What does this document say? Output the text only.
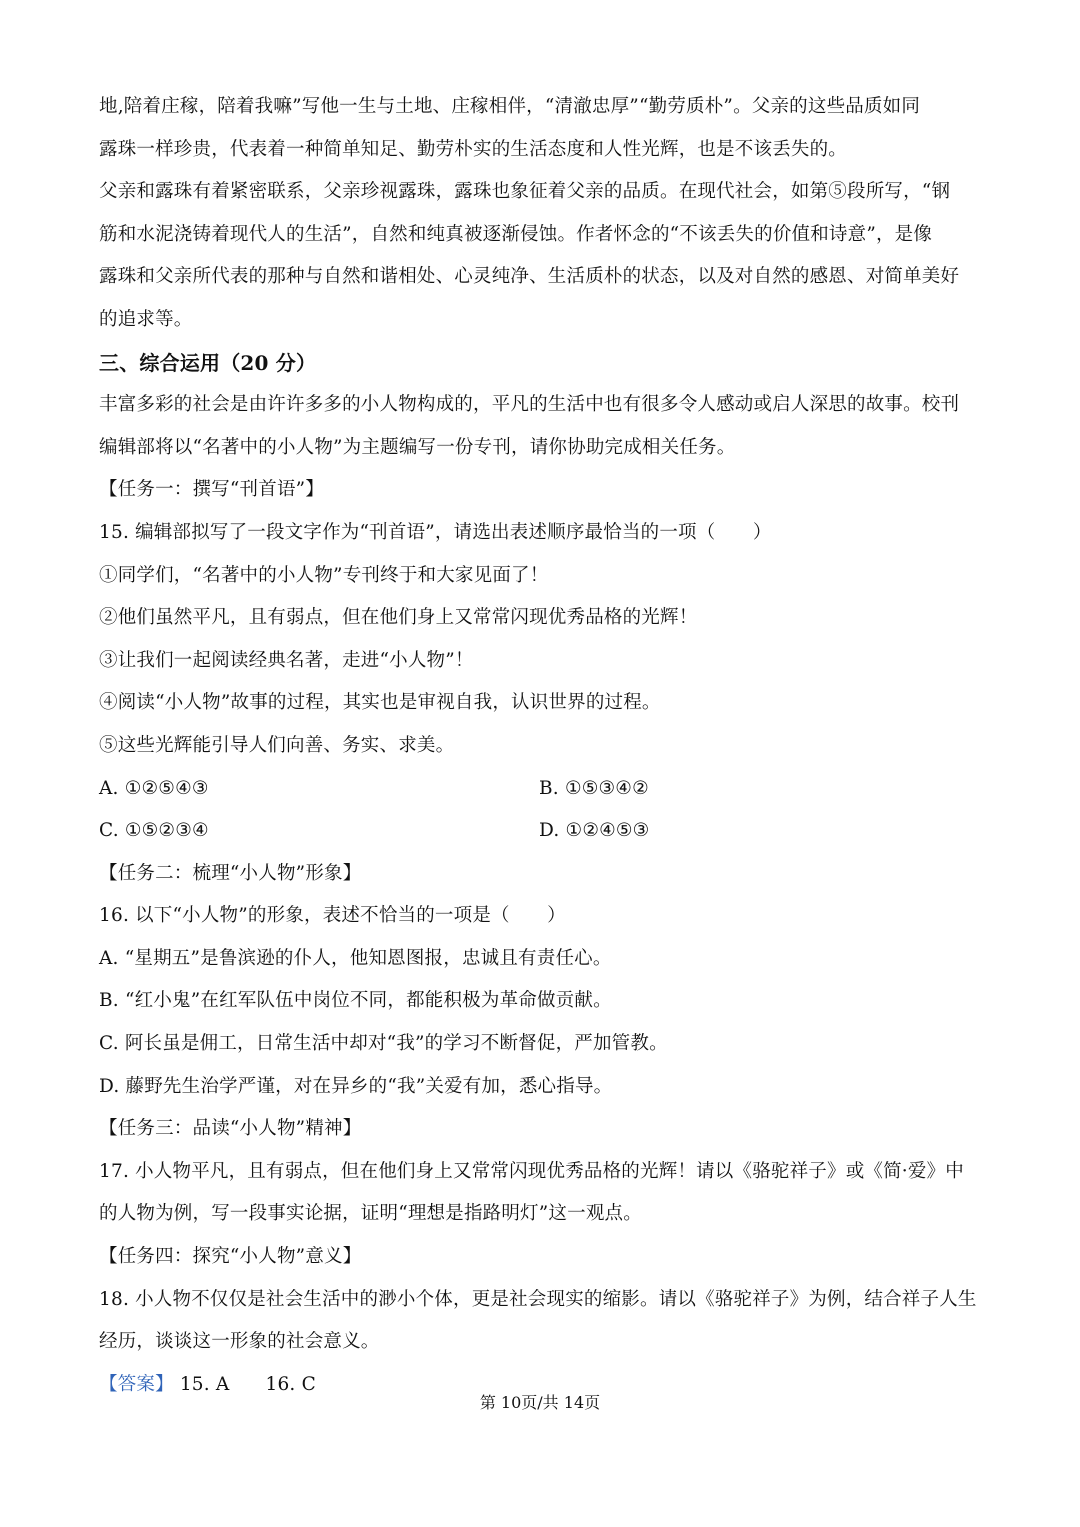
地,陪着庄稼，陪着我嘛”写他一生与土地、庄稼相伴，“清澈忠厚”“勤劳质朴”。父亲的这些品质如同
露珠一样珍贵，代表着一种简单知足、勤劳朴实的生活态度和人性光辉，也是不该丢失的。
父亲和露珠有着紧密联系，父亲珍视露珠，露珠也象征着父亲的品质。在现代社会，如第⑤段所写，“钢
筋和水泥浇铸着现代人的生活”，自然和纯真被逐渐侵蚀。作者怀念的“不该丢失的价值和诗意”，是像
露珠和父亲所代表的那种与自然和谐相处、心灵纯净、生活质朴的状态，以及对自然的感恩、对简单美好
的追求等。
三、综合运用（20 分）
丰富多彩的社会是由许许多多的小人物构成的，平凡的生活中也有很多令人感动或启人深思的故事。校刊
编辑部将以“名著中的小人物”为主题编写一份专刊，请你协助完成相关任务。
【任务一：撰写“刊首语”】
15. 编辑部拟写了一段文字作为“刊首语”，请选出表述顺序最恰当的一项（　　）
①同学们，“名著中的小人物”专刊终于和大家见面了！
②他们虽然平凡，且有弱点，但在他们身上又常常闪现优秀品格的光辉！
③让我们一起阅读经典名著，走进“小人物”！
④阅读“小人物”故事的过程，其实也是审视自我，认识世界的过程。
⑤这些光辉能引导人们向善、务实、求美。
A. ①②⑤④③	B. ①⑤③④②
C. ①⑤②③④	D. ①②④⑤③
【任务二：梳理“小人物”形象】
16. 以下“小人物”的形象，表述不恰当的一项是（　　）
A. “星期五”是鲁滨逊的仆人，他知恩图报，忠诚且有责任心。
B. “红小鬼”在红军队伍中岗位不同，都能积极为革命做贡献。
C. 阿长虽是佣工，日常生活中却对“我”的学习不断督促，严加管教。
D. 藤野先生治学严谨，对在异乡的“我”关爱有加，悉心指导。
【任务三：品读“小人物”精神】
17. 小人物平凡，且有弱点，但在他们身上又常常闪现优秀品格的光辉！请以《骆驼祥子》或《简·爱》中
的人物为例，写一段事实论据，证明“理想是指路明灯”这一观点。
【任务四：探究“小人物”意义】
18. 小人物不仅仅是社会生活中的渺小个体，更是社会现实的缩影。请以《骆驼祥子》为例，结合祥子人生
经历，谈谈这一形象的社会意义。
【答案】 15. A 16. C
第 10页/共 14页
